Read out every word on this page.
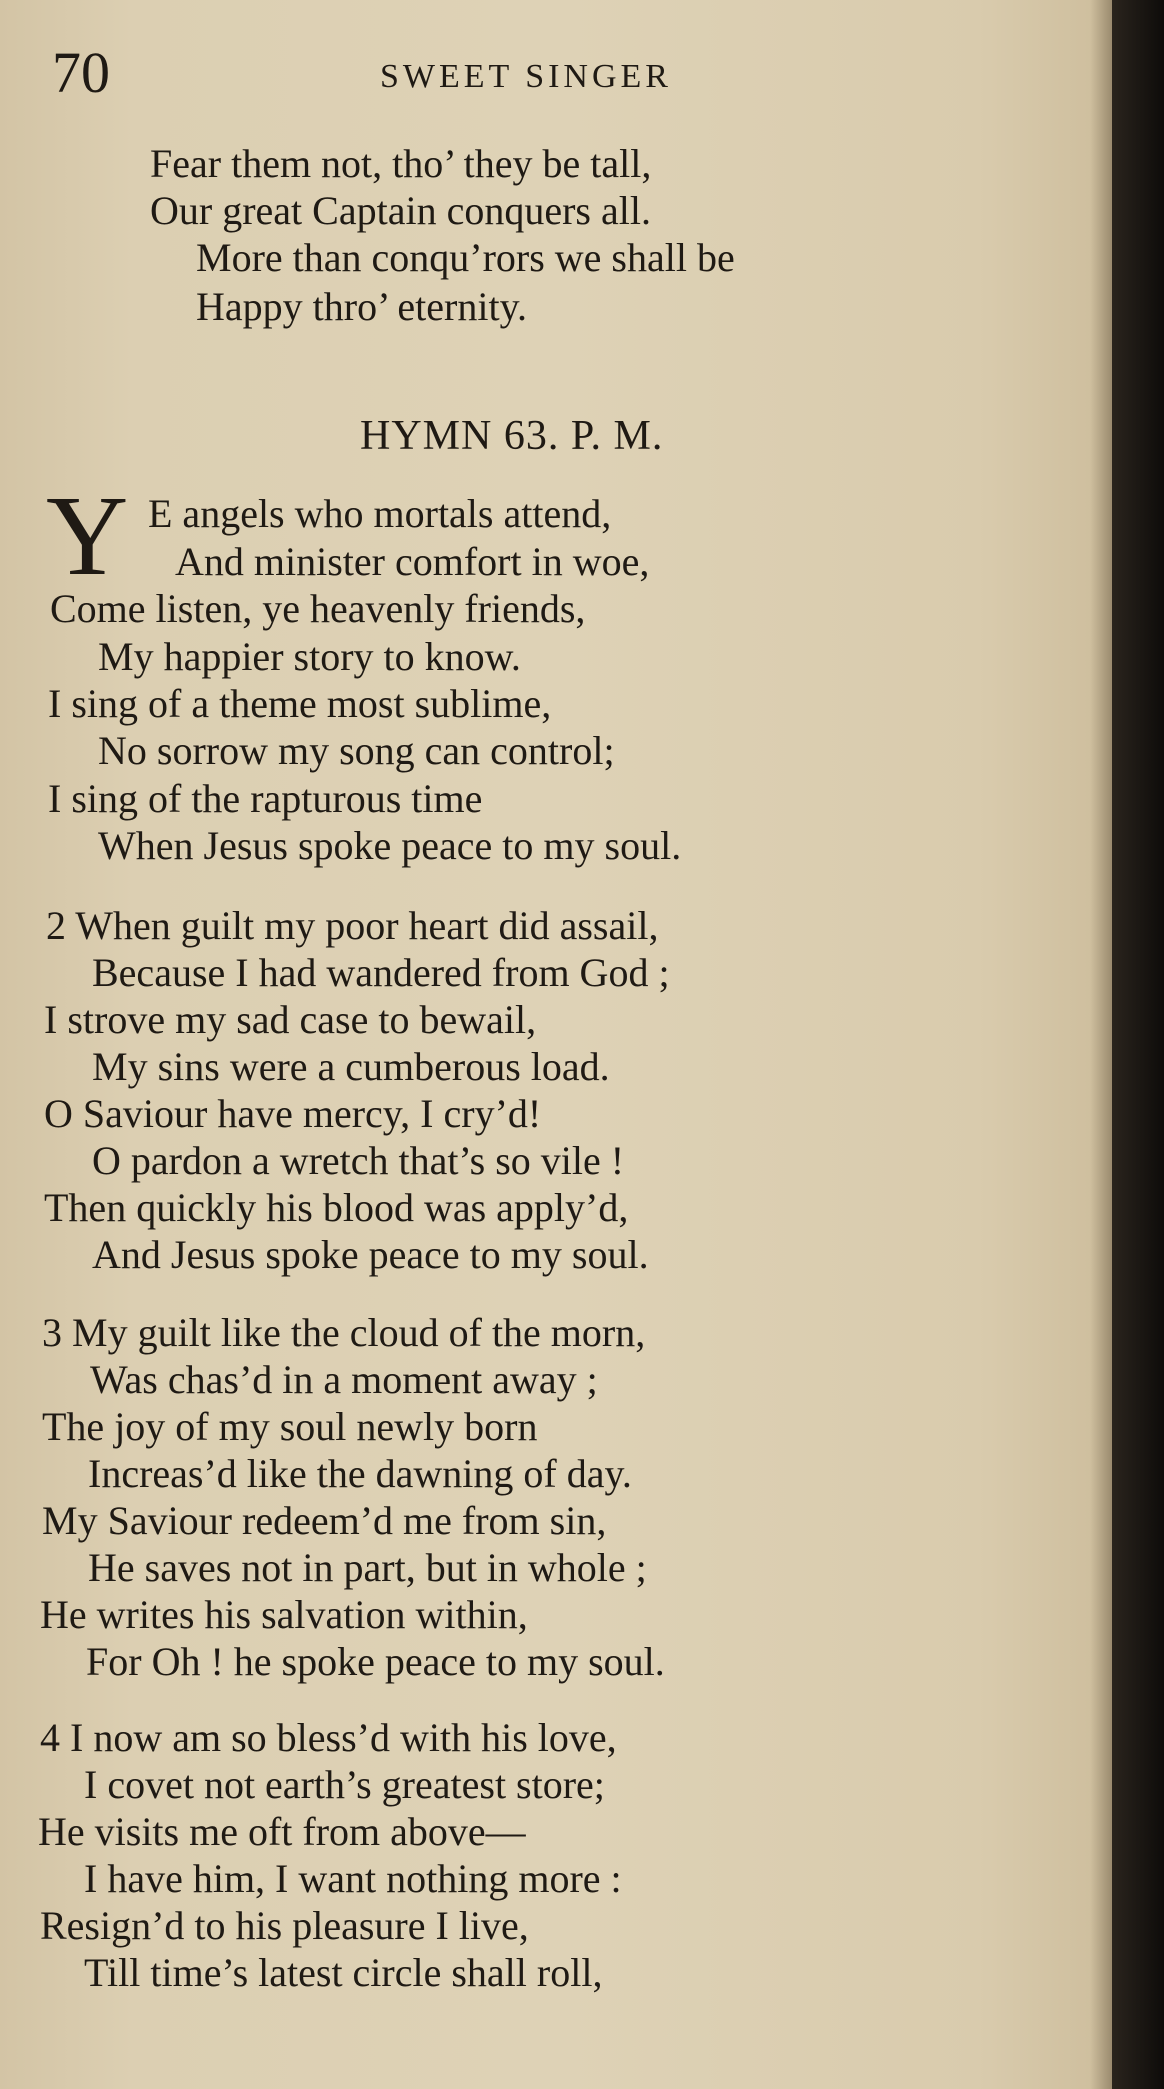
70	SWEET SINGER
Fear them not, tho’ they be tall,
Our great Captain conquers all.
More than conqu’rors we shall be
Happy thro’ eternity.
HYMN 63. P. M.
Y E angels who mortals attend,
And minister comfort in woe,
Come listen, ye heavenly friends,
My happier story to know.
I sing of a theme most sublime,
No sorrow my song can control;
I sing of the rapturous time
When Jesus spoke peace to my soul.
2 When guilt my poor heart did assail,
Because I had wandered from God ;
I strove my sad case to bewail,
My sins were a cumberous load.
O Saviour have mercy, I cry’d!
O pardon a wretch that’s so vile !
Then quickly his blood was apply’d,
And Jesus spoke peace to my soul.
3 My guilt like the cloud of the morn,
Was chas’d in a moment away ;
The joy of my soul newly born
Increas’d like the dawning of day.
My Saviour redeem’d me from sin,
He saves not in part, but in whole ;
He writes his salvation within,
For Oh ! he spoke peace to my soul.
4 I now am so bless’d with his love,
I covet not earth’s greatest store;
He visits me oft from above—
I have him, I want nothing more :
Resign’d to his pleasure I live,
Till time’s latest circle shall roll,
